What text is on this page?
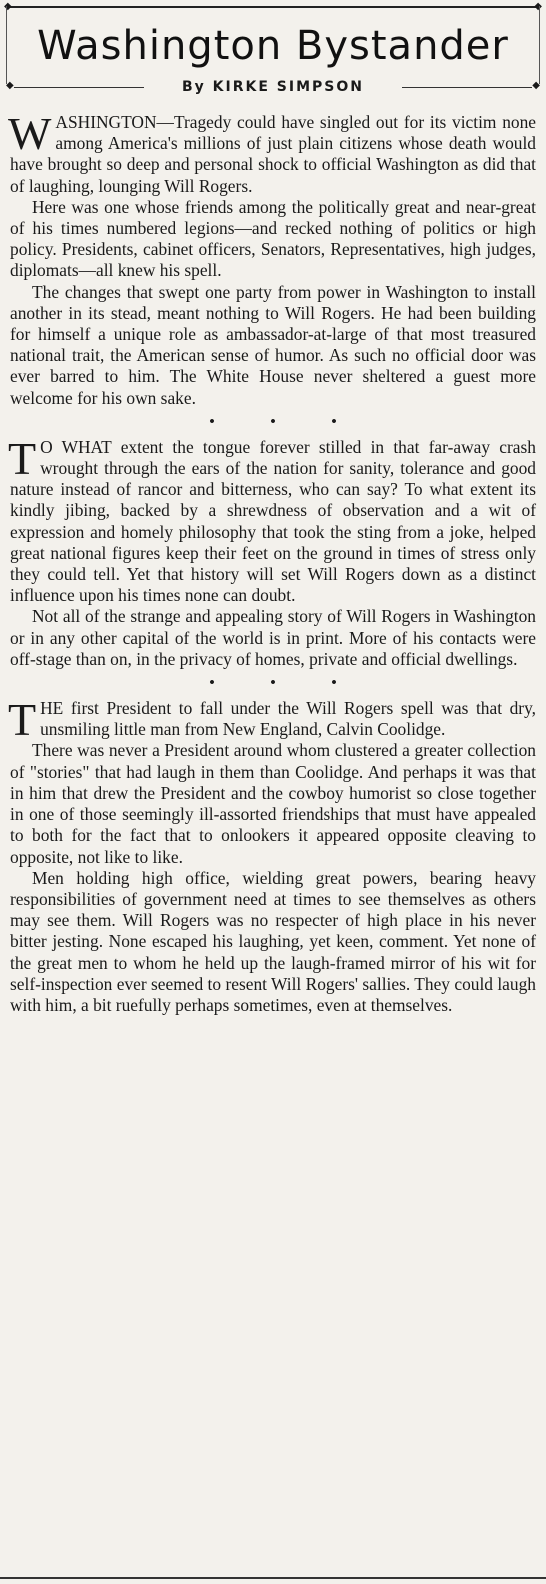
◆	◆
Washington Bystander
◆	By KIRKE SIMPSON	◆

WASHINGTON—Tragedy could have singled out for its victim none among America's millions of just plain citizens whose death would have brought so deep and personal shock to official Washington as did that of laughing, lounging Will Rogers.

Here was one whose friends among the politically great and near-great of his times numbered legions—and recked nothing of politics or high policy. Presidents, cabinet officers, Senators, Representatives, high judges, diplomats—all knew his spell.

The changes that swept one party from power in Washington to install another in its stead, meant nothing to Will Rogers. He had been building for himself a unique role as ambassador-at-large of that most treasured national trait, the American sense of humor. As such no official door was ever barred to him. The White House never sheltered a guest more welcome for his own sake.

• • •

T O WHAT extent the tongue forever stilled in that far-away crash wrought through the ears of the nation for sanity, tolerance and good nature instead of rancor and bitterness, who can say? To what extent its kindly jibing, backed by a shrewdness of observation and a wit of expression and homely philosophy that took the sting from a joke, helped great national figures keep their feet on the ground in times of stress only they could tell. Yet that history will set Will Rogers down as a distinct influence upon his times none can doubt.

Not all of the strange and appealing story of Will Rogers in Washington or in any other capital of the world is in print. More of his contacts were off-stage than on, in the privacy of homes, private and official dwellings.

• • •

THE first President to fall under the Will Rogers spell was that dry, unsmiling little man from New England, Calvin Coolidge.

There was never a President around whom clustered a greater collection of "stories" that had laugh in them than Coolidge. And perhaps it was that in him that drew the President and the cowboy humorist so close together in one of those seemingly ill-assorted friendships that must have appealed to both for the fact that to onlookers it appeared opposite cleaving to opposite, not like to like.

Men holding high office, wielding great powers, bearing heavy responsibilities of government need at times to see themselves as others may see them. Will Rogers was no respecter of high place in his never bitter jesting. None escaped his laughing, yet keen, comment. Yet none of the great men to whom he held up the laugh-framed mirror of his wit for self-inspection ever seemed to resent Will Rogers' sallies. They could laugh with him, a bit ruefully perhaps sometimes, even at themselves.
